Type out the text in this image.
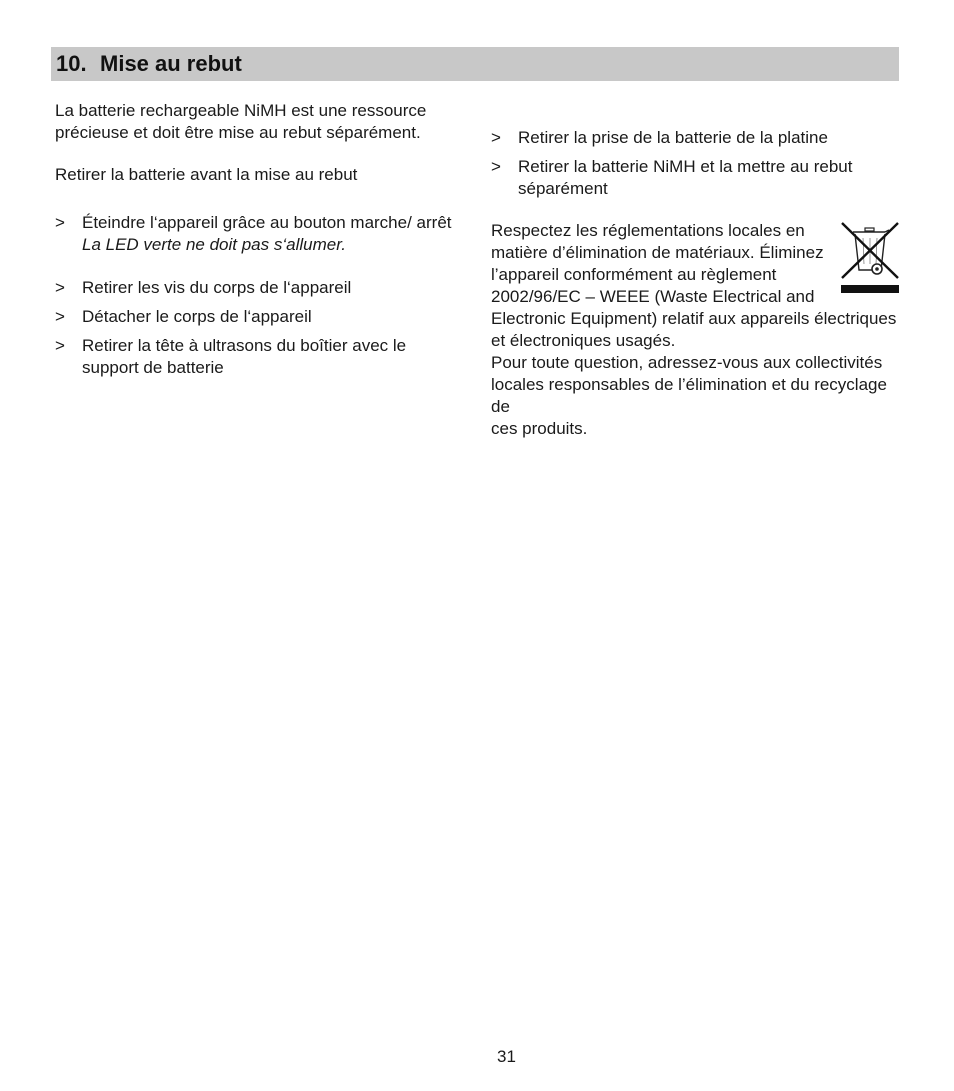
10. Mise au rebut

La batterie rechargeable NiMH est une ressource précieuse et doit être mise au rebut séparément.

Retirer la batterie avant la mise au rebut

>	Éteindre l‘appareil grâce au bouton marche/ arrêt
La LED verte ne doit pas s‘allumer.
>	Retirer les vis du corps de l‘appareil
>	Détacher le corps de l‘appareil
>	Retirer la tête à ultrasons du boîtier avec le support de batterie
>	Retirer la prise de la batterie de la platine
>	Retirer la batterie NiMH et la mettre au rebut séparément

Respectez les réglementations locales en matière d’élimination de matériaux. Éliminez l’appareil conformément au règlement 2002/96/EC – WEEE (Waste Electrical and Electronic Equipment) relatif aux appareils électriques et électroniques usagés.

Pour toute question, adressez-vous aux collectivités locales responsables de l’élimination et du recyclage de
ces produits.
31
